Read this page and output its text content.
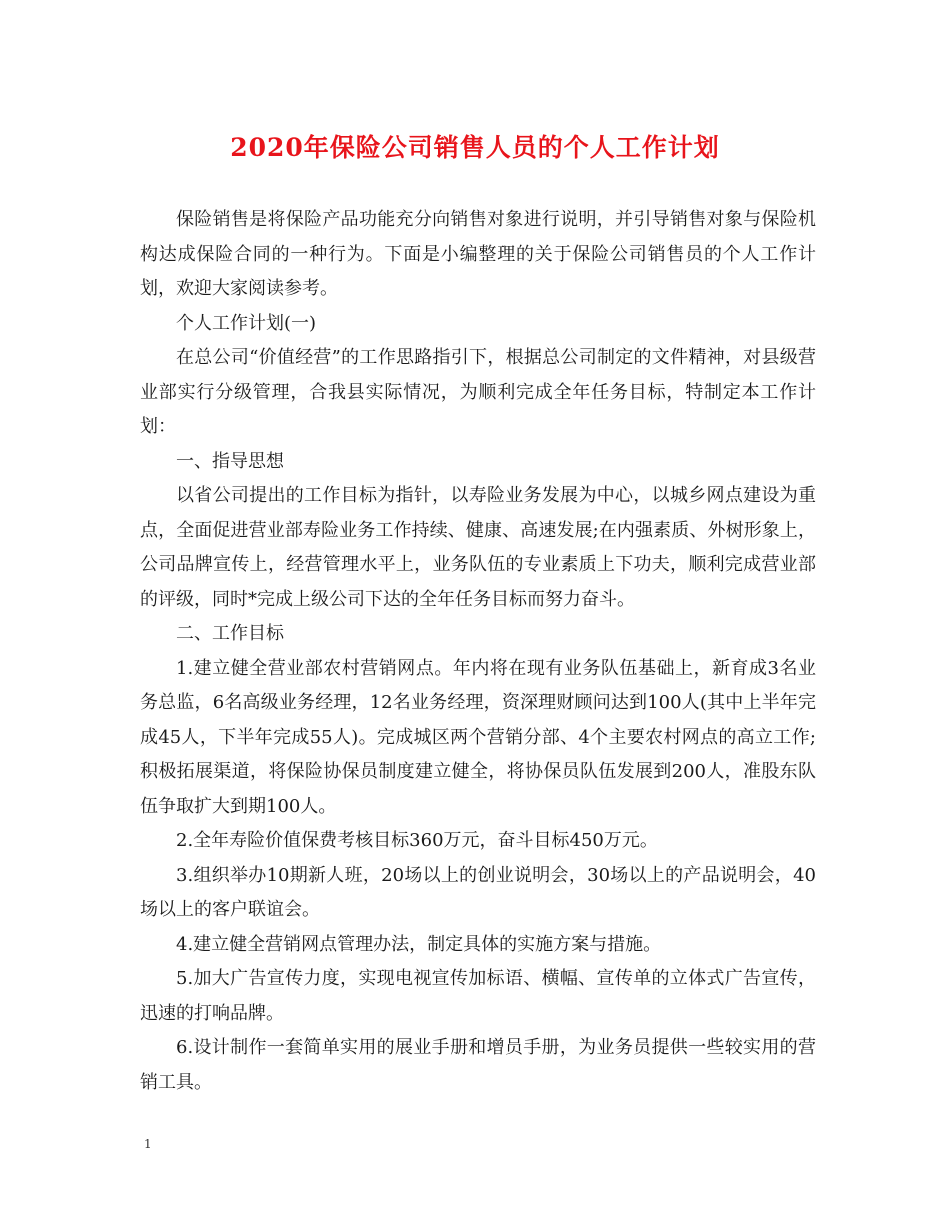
2020年保险公司销售人员的个人工作计划

保险销售是将保险产品功能充分向销售对象进行说明，并引导销售对象与保险机构达成保险合同的一种行为。下面是小编整理的关于保险公司销售员的个人工作计划，欢迎大家阅读参考。

个人工作计划(一)

在总公司“价值经营”的工作思路指引下，根据总公司制定的文件精神，对县级营业部实行分级管理，合我县实际情况，为顺利完成全年任务目标，特制定本工作计划：

一、指导思想

以省公司提出的工作目标为指针，以寿险业务发展为中心，以城乡网点建设为重点，全面促进营业部寿险业务工作持续、健康、高速发展;在内强素质、外树形象上，公司品牌宣传上，经营管理水平上，业务队伍的专业素质上下功夫，顺利完成营业部的评级，同时*完成上级公司下达的全年任务目标而努力奋斗。

二、工作目标

1.建立健全营业部农村营销网点。年内将在现有业务队伍基础上，新育成3名业务总监，6名高级业务经理，12名业务经理，资深理财顾问达到100人(其中上半年完成45人，下半年完成55人)。完成城区两个营销分部、4个主要农村网点的高立工作;积极拓展渠道，将保险协保员制度建立健全，将协保员队伍发展到200人，准股东队伍争取扩大到期100人。

2.全年寿险价值保费考核目标360万元，奋斗目标450万元。

3.组织举办10期新人班，20场以上的创业说明会，30场以上的产品说明会，40场以上的客户联谊会。

4.建立健全营销网点管理办法，制定具体的实施方案与措施。

5.加大广告宣传力度，实现电视宣传加标语、横幅、宣传单的立体式广告宣传，迅速的打响品牌。

6.设计制作一套简单实用的展业手册和增员手册，为业务员提供一些较实用的营销工具。

1
